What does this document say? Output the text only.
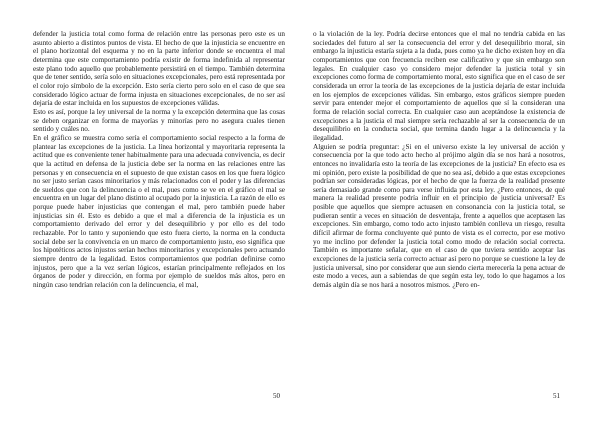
defender la justicia total como forma de relación entre las personas pero este es un asunto abierto a distintos puntos de vista. El hecho de que la injusticia se encuentre en el plano horizontal del esquema y no en la parte inferior donde se encuentra el mal determina que este comportamiento podría existir de forma indefinida al representar este plano todo aquello que probablemente persistirá en el tiempo. También determina que de tener sentido, sería solo en situaciones excepcionales, pero está representada por el color rojo símbolo de la excepción. Esto sería cierto pero solo en el caso de que sea considerado lógico actuar de forma injusta en situaciones excepcionales, de no ser así dejaría de estar incluida en los supuestos de excepciones válidas.

Esto es así, porque la ley universal de la norma y la excepción determina que las cosas se deben organizar en forma de mayorías y minorías pero no asegura cuales tienen sentido y cuáles no.

En el gráfico se muestra como sería el comportamiento social respecto a la forma de plantear las excepciones de la justicia. La línea horizontal y mayoritaria representa la actitud que es conveniente tener habitualmente para una adecuada convivencia, es decir que la actitud en defensa de la justicia debe ser la norma en las relaciones entre las personas y en consecuencia en el supuesto de que existan casos en los que fuera lógico no ser justo serían casos minoritarios y más relacionados con el poder y las diferencias de sueldos que con la delincuencia o el mal, pues como se ve en el gráfico el mal se encuentra en un lugar del plano distinto al ocupado por la injusticia. La razón de ello es porque puede haber injusticias que contengan el mal, pero también puede haber injusticias sin él. Esto es debido a que el mal a diferencia de la injusticia es un comportamiento derivado del error y del desequilibrio y por ello es del todo rechazable. Por lo tanto y suponiendo que esto fuera cierto, la norma en la conducta social debe ser la convivencia en un marco de comportamiento justo, eso significa que los hipotéticos actos injustos serían hechos minoritarios y excepcionales pero actuando siempre dentro de la legalidad. Estos comportamientos que podrían definirse como injustos, pero que a la vez serían lógicos, estarían principalmente reflejados en los órganos de poder y dirección, en forma por ejemplo de sueldos más altos, pero en ningún caso tendrían relación con la delincuencia, el mal,

50

o la violación de la ley. Podría decirse entonces que el mal no tendría cabida en las sociedades del futuro al ser la consecuencia del error y del desequilibrio moral, sin embargo la injusticia estaría sujeta a la duda, pues como ya he dicho existen hoy en día comportamientos que con frecuencia reciben ese calificativo y que sin embargo son legales. En cualquier caso yo considero mejor defender la justicia total y sin excepciones como forma de comportamiento moral, esto significa que en el caso de ser considerada un error la teoría de las excepciones de la justicia dejaría de estar incluida en los ejemplos de excepciones válidas. Sin embargo, estos gráficos siempre pueden servir para entender mejor el comportamiento de aquellos que sí la consideran una forma de relación social correcta. En cualquier caso aun aceptándose la existencia de excepciones a la justicia el mal siempre sería rechazable al ser la consecuencia de un desequilibrio en la conducta social, que termina dando lugar a la delincuencia y la ilegalidad.

Alguien se podría preguntar: ¿Si en el universo existe la ley universal de acción y consecuencia por la que todo acto hecho al prójimo algún día se nos hará a nosotros, entonces no invalidaría esto la teoría de las excepciones de la justicia? En efecto esa es mi opinión, pero existe la posibilidad de que no sea así, debido a que estas excepciones podrían ser consideradas lógicas, por el hecho de que la fuerza de la realidad presente sería demasiado grande como para verse influida por esta ley. ¿Pero entonces, de qué manera la realidad presente podría influir en el principio de justicia universal? Es posible que aquellos que siempre actuasen en consonancia con la justicia total, se pudieran sentir a veces en situación de desventaja, frente a aquellos que aceptasen las excepciones. Sin embargo, como todo acto injusto también conlleva un riesgo, resulta difícil afirmar de forma concluyente qué punto de vista es el correcto, por ese motivo yo me inclino por defender la justicia total como modo de relación social correcta. También es importante señalar, que en el caso de que tuviera sentido aceptar las excepciones de la justicia sería correcto actuar así pero no porque se cuestione la ley de justicia universal, sino por considerar que aun siendo cierta merecería la pena actuar de este modo a veces, aun a sabiendas de que según esta ley, todo lo que hagamos a los demás algún día se nos hará a nosotros mismos. ¿Pero en-

51
